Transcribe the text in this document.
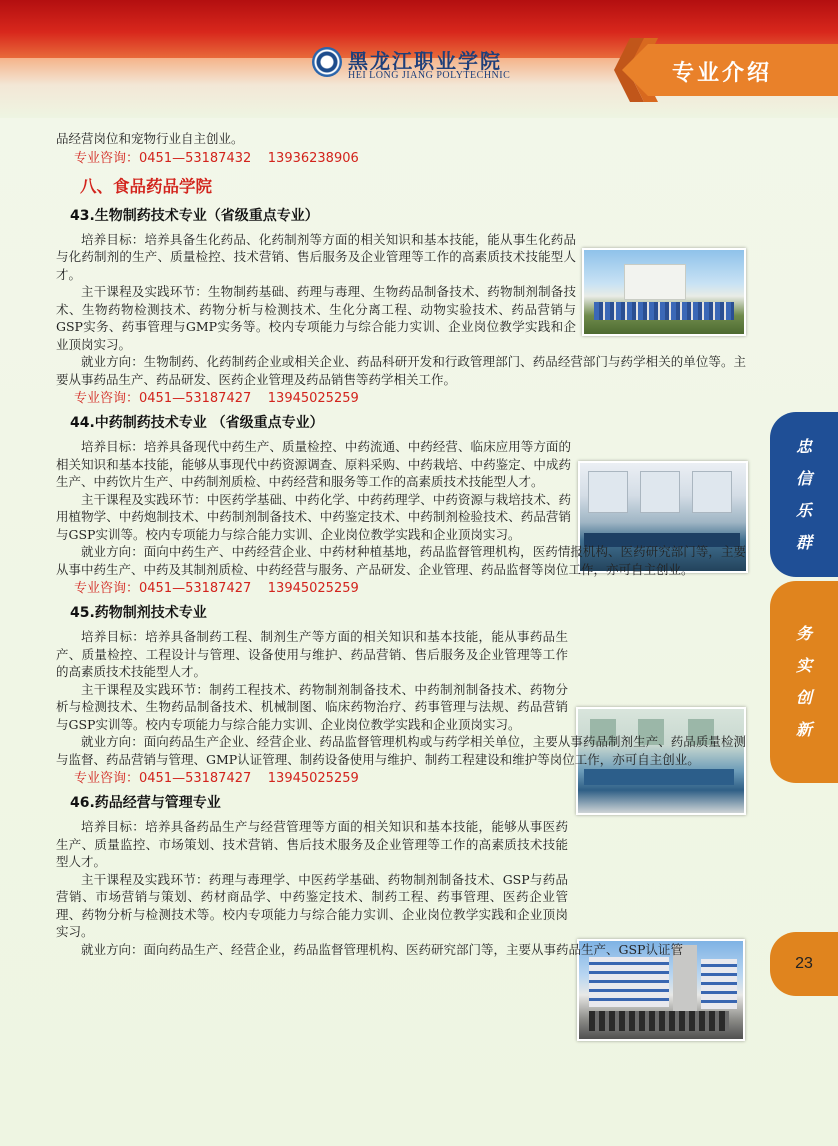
黑龙江职业学院
HEI LONG JIANG POLYTECHNIC	专业介绍
忠
信
乐
群
务
实
创
新
23

品经营岗位和宠物行业自主创业。

专业咨询：0451—53187432    13936238906
八、食品药品学院
43.生物制药技术专业（省级重点专业）

培养目标：培养具备生化药品、化药制剂等方面的相关知识和基本技能，能从事生化药品与化药制剂的生产、质量检控、技术营销、售后服务及企业管理等工作的高素质技术技能型人才。

主干课程及实践环节：生物制药基础、药理与毒理、生物药品制备技术、药物制剂制备技术、生物药物检测技术、药物分析与检测技术、生化分离工程、动物实验技术、药品营销与GSP实务、药事管理与GMP实务等。校内专项能力与综合能力实训、企业岗位教学实践和企业顶岗实习。

就业方向：生物制药、化药制药企业或相关企业、药品科研开发和行政管理部门、药品经营部门与药学相关的单位等。主要从事药品生产、药品研发、医药企业管理及药品销售等药学相关工作。

专业咨询：0451—53187427    13945025259
44.中药制药技术专业 （省级重点专业）

培养目标：培养具备现代中药生产、质量检控、中药流通、中药经营、临床应用等方面的相关知识和基本技能，能够从事现代中药资源调查、原料采购、中药栽培、中药鉴定、中成药生产、中药饮片生产、中药制剂质检、中药经营和服务等工作的高素质技术技能型人才。

主干课程及实践环节：中医药学基础、中药化学、中药药理学、中药资源与栽培技术、药用植物学、中药炮制技术、中药制剂制备技术、中药鉴定技术、中药制剂检验技术、药品营销与GSP实训等。校内专项能力与综合能力实训、企业岗位教学实践和企业顶岗实习。

就业方向：面向中药生产、中药经营企业、中药材种植基地，药品监督管理机构，医药情报机构、医药研究部门等，主要从事中药生产、中药及其制剂质检、中药经营与服务、产品研发、企业管理、药品监督等岗位工作，亦可自主创业。

专业咨询：0451—53187427    13945025259
45.药物制剂技术专业

培养目标：培养具备制药工程、制剂生产等方面的相关知识和基本技能，能从事药品生产、质量检控、工程设计与管理、设备使用与维护、药品营销、售后服务及企业管理等工作的高素质技术技能型人才。

主干课程及实践环节：制药工程技术、药物制剂制备技术、中药制剂制备技术、药物分析与检测技术、生物药品制备技术、机械制图、临床药物治疗、药事管理与法规、药品营销与GSP实训等。校内专项能力与综合能力实训、企业岗位教学实践和企业顶岗实习。

就业方向：面向药品生产企业、经营企业、药品监督管理机构或与药学相关单位，主要从事药品制剂生产、药品质量检测与监督、药品营销与管理、GMP认证管理、制药设备使用与维护、制药工程建设和维护等岗位工作，亦可自主创业。

专业咨询：0451—53187427    13945025259
46.药品经营与管理专业

培养目标：培养具备药品生产与经营管理等方面的相关知识和基本技能，能够从事医药生产、质量监控、市场策划、技术营销、售后技术服务及企业管理等工作的高素质技术技能型人才。

主干课程及实践环节：药理与毒理学、中医药学基础、药物制剂制备技术、GSP与药品营销、市场营销与策划、药材商品学、中药鉴定技术、制药工程、药事管理、医药企业管理、药物分析与检测技术等。校内专项能力与综合能力实训、企业岗位教学实践和企业顶岗实习。

就业方向：面向药品生产、经营企业，药品监督管理机构、医药研究部门等，主要从事药品生产、GSP认证管
